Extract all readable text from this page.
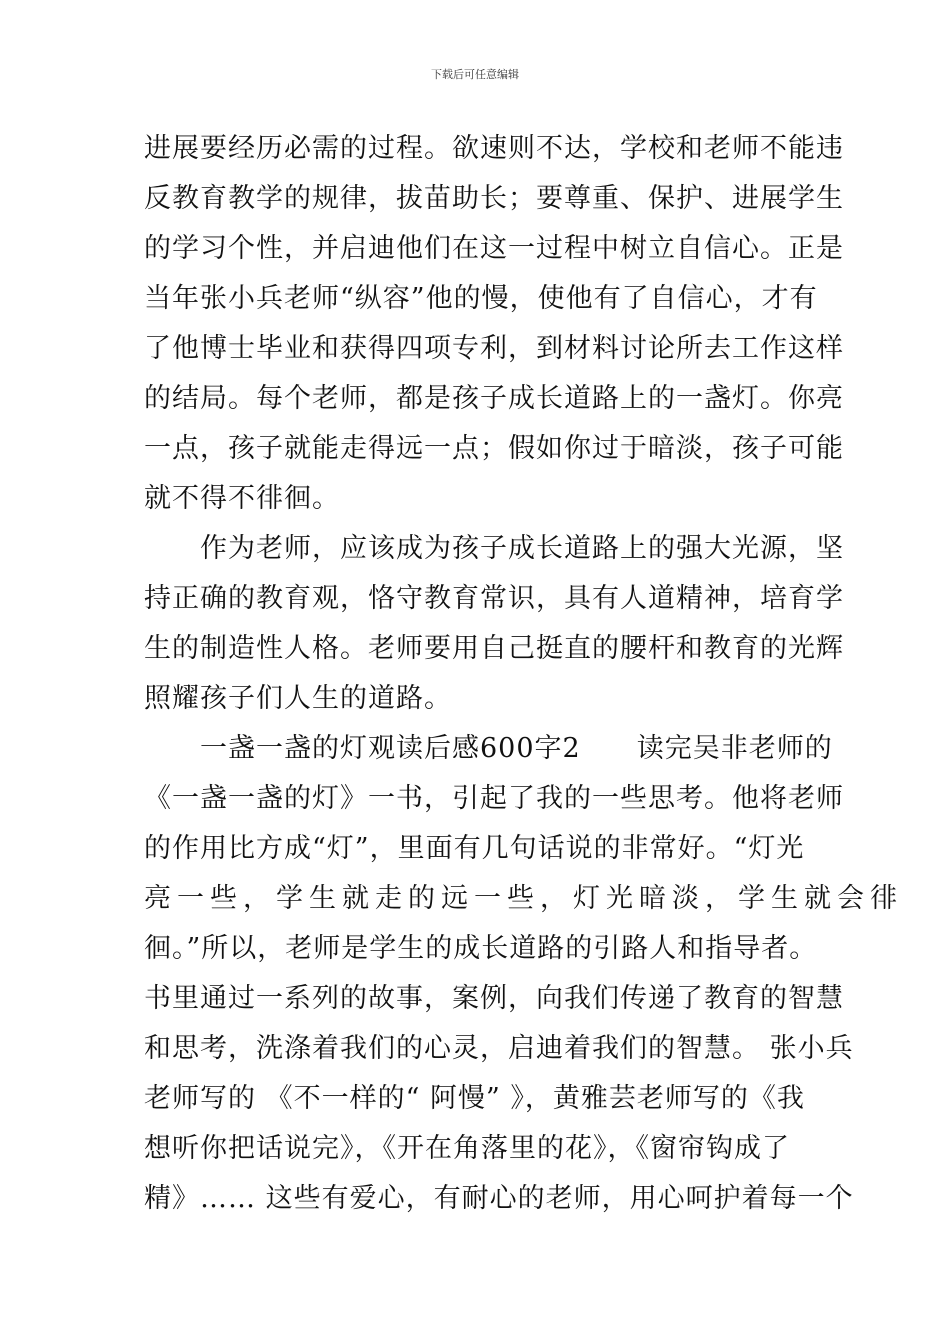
下载后可任意编辑
进展要经历必需的过程。欲速则不达，学校和老师不能违
反教育教学的规律，拔苗助长；要尊重、保护、进展学生
的学习个性，并启迪他们在这一过程中树立自信心。正是
当年张小兵老师“纵容”他的慢，使他有了自信心，才有
了他博士毕业和获得四项专利，到材料讨论所去工作这样
的结局。每个老师，都是孩子成长道路上的一盏灯。你亮
一点，孩子就能走得远一点；假如你过于暗淡，孩子可能
就不得不徘徊。
　　作为老师，应该成为孩子成长道路上的强大光源，坚
持正确的教育观，恪守教育常识，具有人道精神，培育学
生的制造性人格。老师要用自己挺直的腰杆和教育的光辉
照耀孩子们人生的道路。
　　一盏一盏的灯观读后感600字2　　读完吴非老师的
《一盏一盏的灯》一书，引起了我的一些思考。他将老师
的作用比方成“灯”，里面有几句话说的非常好。“灯光
亮一些，学生就走的远一些，灯光暗淡，学生就会徘
徊。”所以，老师是学生的成长道路的引路人和指导者。
书里通过一系列的故事，案例，向我们传递了教育的智慧
和思考，洗涤着我们的心灵，启迪着我们的智慧。 张小兵
老师写的 《不一样的“ 阿慢” 》，黄雅芸老师写的《我
想听你把话说完》，《开在角落里的花》，《窗帘钩成了
精》…… 这些有爱心，有耐心的老师，用心呵护着每一个
